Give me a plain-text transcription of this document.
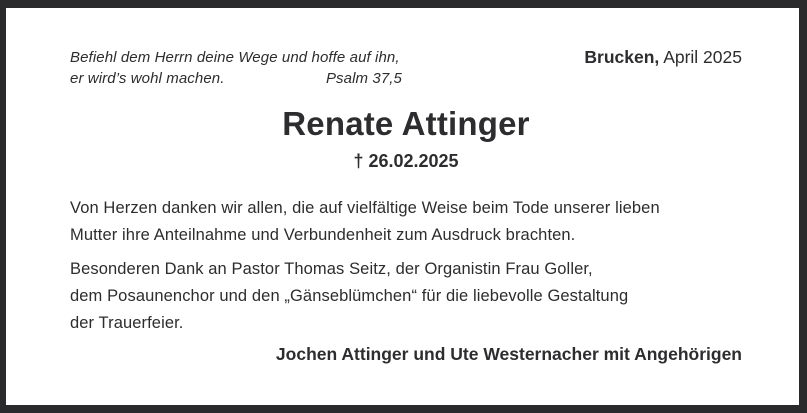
Befiehl dem Herrn deine Wege und hoffe auf ihn,
er wird’s wohl machen.	Psalm 37,5
Brucken, April 2025
Renate Attinger
† 26.02.2025
Von Herzen danken wir allen, die auf vielfältige Weise beim Tode unserer lieben
Mutter ihre Anteilnahme und Verbundenheit zum Ausdruck brachten.
Besonderen Dank an Pastor Thomas Seitz, der Organistin Frau Goller,
dem Posaunenchor und den „Gänseblümchen“ für die liebevolle Gestaltung
der Trauerfeier.
Jochen Attinger und Ute Westernacher mit Angehörigen
